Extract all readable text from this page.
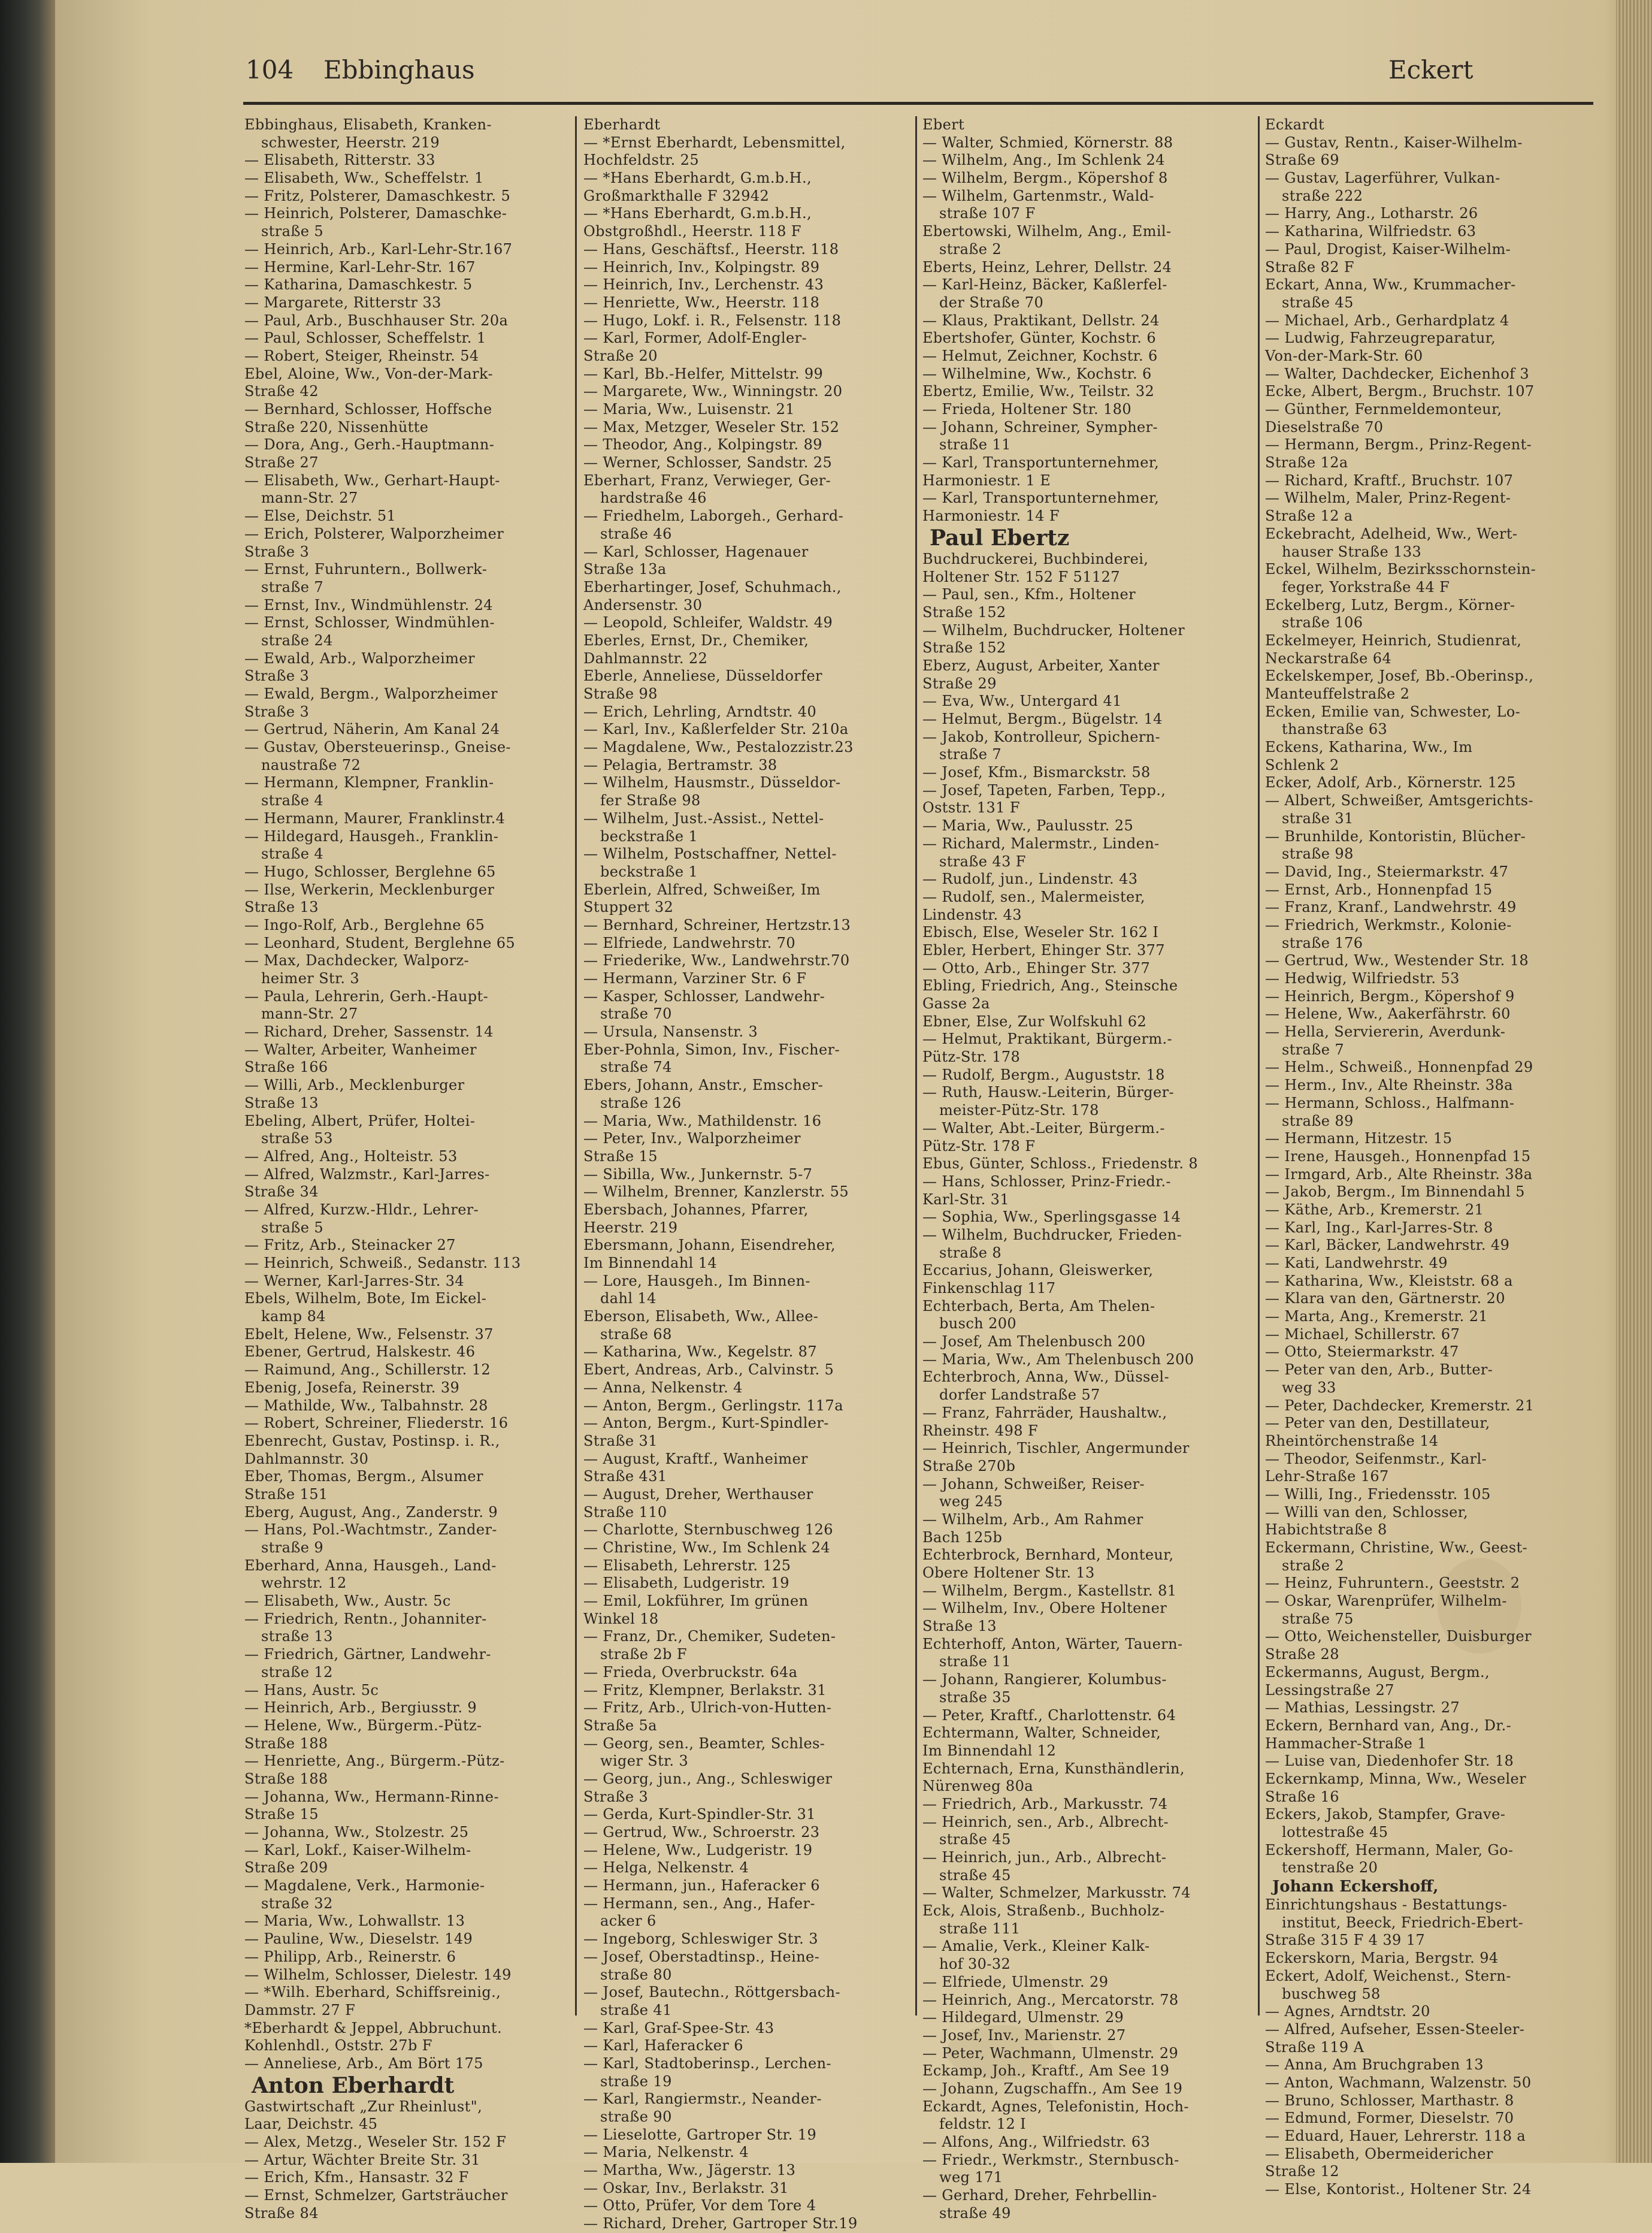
104 Ebbinghaus	Eckert
Ebbinghaus, Elisabeth, Kranken-
schwester, Heerstr. 219
— Elisabeth, Ritterstr. 33
— Elisabeth, Ww., Scheffelstr. 1
— Fritz, Polsterer, Damaschkestr. 5
— Heinrich, Polsterer, Damaschke-
straße 5
— Heinrich, Arb., Karl-Lehr-Str.167
— Hermine, Karl-Lehr-Str. 167
— Katharina, Damaschkestr. 5
— Margarete, Ritterstr 33
— Paul, Arb., Buschhauser Str. 20a
— Paul, Schlosser, Scheffelstr. 1
— Robert, Steiger, Rheinstr. 54
Ebel, Aloine, Ww., Von-der-Mark-
Straße 42
— Bernhard, Schlosser, Hoffsche
Straße 220, Nissenhütte
— Dora, Ang., Gerh.-Hauptmann-
Straße 27
— Elisabeth, Ww., Gerhart-Haupt-
mann-Str. 27
— Else, Deichstr. 51
— Erich, Polsterer, Walporzheimer
Straße 3
— Ernst, Fuhruntern., Bollwerk-
straße 7
— Ernst, Inv., Windmühlenstr. 24
— Ernst, Schlosser, Windmühlen-
straße 24
— Ewald, Arb., Walporzheimer
Straße 3
— Ewald, Bergm., Walporzheimer
Straße 3
— Gertrud, Näherin, Am Kanal 24
— Gustav, Obersteuerinsp., Gneise-
naustraße 72
— Hermann, Klempner, Franklin-
straße 4
— Hermann, Maurer, Franklinstr.4
— Hildegard, Hausgeh., Franklin-
straße 4
— Hugo, Schlosser, Berglehne 65
— Ilse, Werkerin, Mecklenburger
Straße 13
— Ingo-Rolf, Arb., Berglehne 65
— Leonhard, Student, Berglehne 65
— Max, Dachdecker, Walporz-
heimer Str. 3
— Paula, Lehrerin, Gerh.-Haupt-
mann-Str. 27
— Richard, Dreher, Sassenstr. 14
— Walter, Arbeiter, Wanheimer
Straße 166
— Willi, Arb., Mecklenburger
Straße 13
Ebeling, Albert, Prüfer, Holtei-
straße 53
— Alfred, Ang., Holteistr. 53
— Alfred, Walzmstr., Karl-Jarres-
Straße 34
— Alfred, Kurzw.-Hldr., Lehrer-
straße 5
— Fritz, Arb., Steinacker 27
— Heinrich, Schweiß., Sedanstr. 113
— Werner, Karl-Jarres-Str. 34
Ebels, Wilhelm, Bote, Im Eickel-
kamp 84
Ebelt, Helene, Ww., Felsenstr. 37
Ebener, Gertrud, Halskestr. 46
— Raimund, Ang., Schillerstr. 12
Ebenig, Josefa, Reinerstr. 39
— Mathilde, Ww., Talbahnstr. 28
— Robert, Schreiner, Fliederstr. 16
Ebenrecht, Gustav, Postinsp. i. R.,
Dahlmannstr. 30
Eber, Thomas, Bergm., Alsumer
Straße 151
Eberg, August, Ang., Zanderstr. 9
— Hans, Pol.-Wachtmstr., Zander-
straße 9
Eberhard, Anna, Hausgeh., Land-
wehrstr. 12
— Elisabeth, Ww., Austr. 5c
— Friedrich, Rentn., Johanniter-
straße 13
— Friedrich, Gärtner, Landwehr-
straße 12
— Hans, Austr. 5c
— Heinrich, Arb., Bergiusstr. 9
— Helene, Ww., Bürgerm.-Pütz-
Straße 188
— Henriette, Ang., Bürgerm.-Pütz-
Straße 188
— Johanna, Ww., Hermann-Rinne-
Straße 15
— Johanna, Ww., Stolzestr. 25
— Karl, Lokf., Kaiser-Wilhelm-
Straße 209
— Magdalene, Verk., Harmonie-
straße 32
— Maria, Ww., Lohwallstr. 13
— Pauline, Ww., Dieselstr. 149
— Philipp, Arb., Reinerstr. 6
— Wilhelm, Schlosser, Dielestr. 149
— *Wilh. Eberhard, Schiffsreinig.,
Dammstr. 27 F
*Eberhardt & Jeppel, Abbruchunt.
Kohlenhdl., Oststr. 27b F
— Anneliese, Arb., Am Bört 175
Anton Eberhardt
Gastwirtschaft „Zur Rheinlust",
Laar, Deichstr. 45
— Alex, Metzg., Weseler Str. 152 F
— Artur, Wächter Breite Str. 31
— Erich, Kfm., Hansastr. 32 F
— Ernst, Schmelzer, Gartsträucher
Straße 84
Eberhardt
— *Ernst Eberhardt, Lebensmittel,
Hochfeldstr. 25
— *Hans Eberhardt, G.m.b.H.,
Großmarkthalle F 32942
— *Hans Eberhardt, G.m.b.H.,
Obstgroßhdl., Heerstr. 118 F
— Hans, Geschäftsf., Heerstr. 118
— Heinrich, Inv., Kolpingstr. 89
— Heinrich, Inv., Lerchenstr. 43
— Henriette, Ww., Heerstr. 118
— Hugo, Lokf. i. R., Felsenstr. 118
— Karl, Former, Adolf-Engler-
Straße 20
— Karl, Bb.-Helfer, Mittelstr. 99
— Margarete, Ww., Winningstr. 20
— Maria, Ww., Luisenstr. 21
— Max, Metzger, Weseler Str. 152
— Theodor, Ang., Kolpingstr. 89
— Werner, Schlosser, Sandstr. 25
Eberhart, Franz, Verwieger, Ger-
hardstraße 46
— Friedhelm, Laborgeh., Gerhard-
straße 46
— Karl, Schlosser, Hagenauer
Straße 13a
Eberhartinger, Josef, Schuhmach.,
Andersenstr. 30
— Leopold, Schleifer, Waldstr. 49
Eberles, Ernst, Dr., Chemiker,
Dahlmannstr. 22
Eberle, Anneliese, Düsseldorfer
Straße 98
— Erich, Lehrling, Arndtstr. 40
— Karl, Inv., Kaßlerfelder Str. 210a
— Magdalene, Ww., Pestalozzistr.23
— Pelagia, Bertramstr. 38
— Wilhelm, Hausmstr., Düsseldor-
fer Straße 98
— Wilhelm, Just.-Assist., Nettel-
beckstraße 1
— Wilhelm, Postschaffner, Nettel-
beckstraße 1
Eberlein, Alfred, Schweißer, Im
Stuppert 32
— Bernhard, Schreiner, Hertzstr.13
— Elfriede, Landwehrstr. 70
— Friederike, Ww., Landwehrstr.70
— Hermann, Varziner Str. 6 F
— Kasper, Schlosser, Landwehr-
straße 70
— Ursula, Nansenstr. 3
Eber-Pohnla, Simon, Inv., Fischer-
straße 74
Ebers, Johann, Anstr., Emscher-
straße 126
— Maria, Ww., Mathildenstr. 16
— Peter, Inv., Walporzheimer
Straße 15
— Sibilla, Ww., Junkernstr. 5-7
— Wilhelm, Brenner, Kanzlerstr. 55
Ebersbach, Johannes, Pfarrer,
Heerstr. 219
Ebersmann, Johann, Eisendreher,
Im Binnendahl 14
— Lore, Hausgeh., Im Binnen-
dahl 14
Eberson, Elisabeth, Ww., Allee-
straße 68
— Katharina, Ww., Kegelstr. 87
Ebert, Andreas, Arb., Calvinstr. 5
— Anna, Nelkenstr. 4
— Anton, Bergm., Gerlingstr. 117a
— Anton, Bergm., Kurt-Spindler-
Straße 31
— August, Kraftf., Wanheimer
Straße 431
— August, Dreher, Werthauser
Straße 110
— Charlotte, Sternbuschweg 126
— Christine, Ww., Im Schlenk 24
— Elisabeth, Lehrerstr. 125
— Elisabeth, Ludgeristr. 19
— Emil, Lokführer, Im grünen
Winkel 18
— Franz, Dr., Chemiker, Sudeten-
straße 2b F
— Frieda, Overbruckstr. 64a
— Fritz, Klempner, Berlakstr. 31
— Fritz, Arb., Ulrich-von-Hutten-
Straße 5a
— Georg, sen., Beamter, Schles-
wiger Str. 3
— Georg, jun., Ang., Schleswiger
Straße 3
— Gerda, Kurt-Spindler-Str. 31
— Gertrud, Ww., Schroerstr. 23
— Helene, Ww., Ludgeristr. 19
— Helga, Nelkenstr. 4
— Hermann, jun., Haferacker 6
— Hermann, sen., Ang., Hafer-
acker 6
— Ingeborg, Schleswiger Str. 3
— Josef, Oberstadtinsp., Heine-
straße 80
— Josef, Bautechn., Röttgersbach-
straße 41
— Karl, Graf-Spee-Str. 43
— Karl, Haferacker 6
— Karl, Stadtoberinsp., Lerchen-
straße 19
— Karl, Rangiermstr., Neander-
straße 90
— Lieselotte, Gartroper Str. 19
— Maria, Nelkenstr. 4
— Martha, Ww., Jägerstr. 13
— Oskar, Inv., Berlakstr. 31
— Otto, Prüfer, Vor dem Tore 4
— Richard, Dreher, Gartroper Str.19
Ebert
— Walter, Schmied, Körnerstr. 88
— Wilhelm, Ang., Im Schlenk 24
— Wilhelm, Bergm., Köpershof 8
— Wilhelm, Gartenmstr., Wald-
straße 107 F
Ebertowski, Wilhelm, Ang., Emil-
straße 2
Eberts, Heinz, Lehrer, Dellstr. 24
— Karl-Heinz, Bäcker, Kaßlerfel-
der Straße 70
— Klaus, Praktikant, Dellstr. 24
Ebertshofer, Günter, Kochstr. 6
— Helmut, Zeichner, Kochstr. 6
— Wilhelmine, Ww., Kochstr. 6
Ebertz, Emilie, Ww., Teilstr. 32
— Frieda, Holtener Str. 180
— Johann, Schreiner, Sympher-
straße 11
— Karl, Transportunternehmer,
Harmoniestr. 1 E
— Karl, Transportunternehmer,
Harmoniestr. 14 F
Paul Ebertz
Buchdruckerei, Buchbinderei,
Holtener Str. 152 F 51127
— Paul, sen., Kfm., Holtener
Straße 152
— Wilhelm, Buchdrucker, Holtener
Straße 152
Eberz, August, Arbeiter, Xanter
Straße 29
— Eva, Ww., Untergard 41
— Helmut, Bergm., Bügelstr. 14
— Jakob, Kontrolleur, Spichern-
straße 7
— Josef, Kfm., Bismarckstr. 58
— Josef, Tapeten, Farben, Tepp.,
Oststr. 131 F
— Maria, Ww., Paulusstr. 25
— Richard, Malermstr., Linden-
straße 43 F
— Rudolf, jun., Lindenstr. 43
— Rudolf, sen., Malermeister,
Lindenstr. 43
Ebisch, Else, Weseler Str. 162 I
Ebler, Herbert, Ehinger Str. 377
— Otto, Arb., Ehinger Str. 377
Ebling, Friedrich, Ang., Steinsche
Gasse 2a
Ebner, Else, Zur Wolfskuhl 62
— Helmut, Praktikant, Bürgerm.-
Pütz-Str. 178
— Rudolf, Bergm., Auguststr. 18
— Ruth, Hausw.-Leiterin, Bürger-
meister-Pütz-Str. 178
— Walter, Abt.-Leiter, Bürgerm.-
Pütz-Str. 178 F
Ebus, Günter, Schloss., Friedenstr. 8
— Hans, Schlosser, Prinz-Friedr.-
Karl-Str. 31
— Sophia, Ww., Sperlingsgasse 14
— Wilhelm, Buchdrucker, Frieden-
straße 8
Eccarius, Johann, Gleiswerker,
Finkenschlag 117
Echterbach, Berta, Am Thelen-
busch 200
— Josef, Am Thelenbusch 200
— Maria, Ww., Am Thelenbusch 200
Echterbroch, Anna, Ww., Düssel-
dorfer Landstraße 57
— Franz, Fahrräder, Haushaltw.,
Rheinstr. 498 F
— Heinrich, Tischler, Angermunder
Straße 270b
— Johann, Schweißer, Reiser-
weg 245
— Wilhelm, Arb., Am Rahmer
Bach 125b
Echterbrock, Bernhard, Monteur,
Obere Holtener Str. 13
— Wilhelm, Bergm., Kastellstr. 81
— Wilhelm, Inv., Obere Holtener
Straße 13
Echterhoff, Anton, Wärter, Tauern-
straße 11
— Johann, Rangierer, Kolumbus-
straße 35
— Peter, Kraftf., Charlottenstr. 64
Echtermann, Walter, Schneider,
Im Binnendahl 12
Echternach, Erna, Kunsthändlerin,
Nürenweg 80a
— Friedrich, Arb., Markusstr. 74
— Heinrich, sen., Arb., Albrecht-
straße 45
— Heinrich, jun., Arb., Albrecht-
straße 45
— Walter, Schmelzer, Markusstr. 74
Eck, Alois, Straßenb., Buchholz-
straße 111
— Amalie, Verk., Kleiner Kalk-
hof 30-32
— Elfriede, Ulmenstr. 29
— Heinrich, Ang., Mercatorstr. 78
— Hildegard, Ulmenstr. 29
— Josef, Inv., Marienstr. 27
— Peter, Wachmann, Ulmenstr. 29
Eckamp, Joh., Kraftf., Am See 19
— Johann, Zugschaffn., Am See 19
Eckardt, Agnes, Telefonistin, Hoch-
feldstr. 12 I
— Alfons, Ang., Wilfriedstr. 63
— Friedr., Werkmstr., Sternbusch-
weg 171
— Gerhard, Dreher, Fehrbellin-
straße 49
Eckardt
— Gustav, Rentn., Kaiser-Wilhelm-
Straße 69
— Gustav, Lagerführer, Vulkan-
straße 222
— Harry, Ang., Lotharstr. 26
— Katharina, Wilfriedstr. 63
— Paul, Drogist, Kaiser-Wilhelm-
Straße 82 F
Eckart, Anna, Ww., Krummacher-
straße 45
— Michael, Arb., Gerhardplatz 4
— Ludwig, Fahrzeugreparatur,
Von-der-Mark-Str. 60
— Walter, Dachdecker, Eichenhof 3
Ecke, Albert, Bergm., Bruchstr. 107
— Günther, Fernmeldemonteur,
Dieselstraße 70
— Hermann, Bergm., Prinz-Regent-
Straße 12a
— Richard, Kraftf., Bruchstr. 107
— Wilhelm, Maler, Prinz-Regent-
Straße 12 a
Eckebracht, Adelheid, Ww., Wert-
hauser Straße 133
Eckel, Wilhelm, Bezirksschornstein-
feger, Yorkstraße 44 F
Eckelberg, Lutz, Bergm., Körner-
straße 106
Eckelmeyer, Heinrich, Studienrat,
Neckarstraße 64
Eckelskemper, Josef, Bb.-Oberinsp.,
Manteuffelstraße 2
Ecken, Emilie van, Schwester, Lo-
thanstraße 63
Eckens, Katharina, Ww., Im
Schlenk 2
Ecker, Adolf, Arb., Körnerstr. 125
— Albert, Schweißer, Amtsgerichts-
straße 31
— Brunhilde, Kontoristin, Blücher-
straße 98
— David, Ing., Steiermarkstr. 47
— Ernst, Arb., Honnenpfad 15
— Franz, Kranf., Landwehrstr. 49
— Friedrich, Werkmstr., Kolonie-
straße 176
— Gertrud, Ww., Westender Str. 18
— Hedwig, Wilfriedstr. 53
— Heinrich, Bergm., Köpershof 9
— Helene, Ww., Aakerfährstr. 60
— Hella, Serviererin, Averdunk-
straße 7
— Helm., Schweiß., Honnenpfad 29
— Herm., Inv., Alte Rheinstr. 38a
— Hermann, Schloss., Halfmann-
straße 89
— Hermann, Hitzestr. 15
— Irene, Hausgeh., Honnenpfad 15
— Irmgard, Arb., Alte Rheinstr. 38a
— Jakob, Bergm., Im Binnendahl 5
— Käthe, Arb., Kremerstr. 21
— Karl, Ing., Karl-Jarres-Str. 8
— Karl, Bäcker, Landwehrstr. 49
— Kati, Landwehrstr. 49
— Katharina, Ww., Kleiststr. 68 a
— Klara van den, Gärtnerstr. 20
— Marta, Ang., Kremerstr. 21
— Michael, Schillerstr. 67
— Otto, Steiermarkstr. 47
— Peter van den, Arb., Butter-
weg 33
— Peter, Dachdecker, Kremerstr. 21
— Peter van den, Destillateur,
Rheintörchenstraße 14
— Theodor, Seifenmstr., Karl-
Lehr-Straße 167
— Willi, Ing., Friedensstr. 105
— Willi van den, Schlosser,
Habichtstraße 8
Eckermann, Christine, Ww., Geest-
straße 2
— Heinz, Fuhruntern., Geeststr. 2
— Oskar, Warenprüfer, Wilhelm-
straße 75
— Otto, Weichensteller, Duisburger
Straße 28
Eckermanns, August, Bergm.,
Lessingstraße 27
— Mathias, Lessingstr. 27
Eckern, Bernhard van, Ang., Dr.-
Hammacher-Straße 1
— Luise van, Diedenhofer Str. 18
Eckernkamp, Minna, Ww., Weseler
Straße 16
Eckers, Jakob, Stampfer, Grave-
lottestraße 45
Eckershoff, Hermann, Maler, Go-
tenstraße 20
Johann Eckershoff,
Einrichtungshaus - Bestattungs-
institut, Beeck, Friedrich-Ebert-
Straße 315 F 4 39 17
Eckerskorn, Maria, Bergstr. 94
Eckert, Adolf, Weichenst., Stern-
buschweg 58
— Agnes, Arndtstr. 20
— Alfred, Aufseher, Essen-Steeler-
Straße 119 A
— Anna, Am Bruchgraben 13
— Anton, Wachmann, Walzenstr. 50
— Bruno, Schlosser, Marthastr. 8
— Edmund, Former, Dieselstr. 70
— Eduard, Hauer, Lehrerstr. 118 a
— Elisabeth, Obermeidericher
Straße 12
— Else, Kontorist., Holtener Str. 24
